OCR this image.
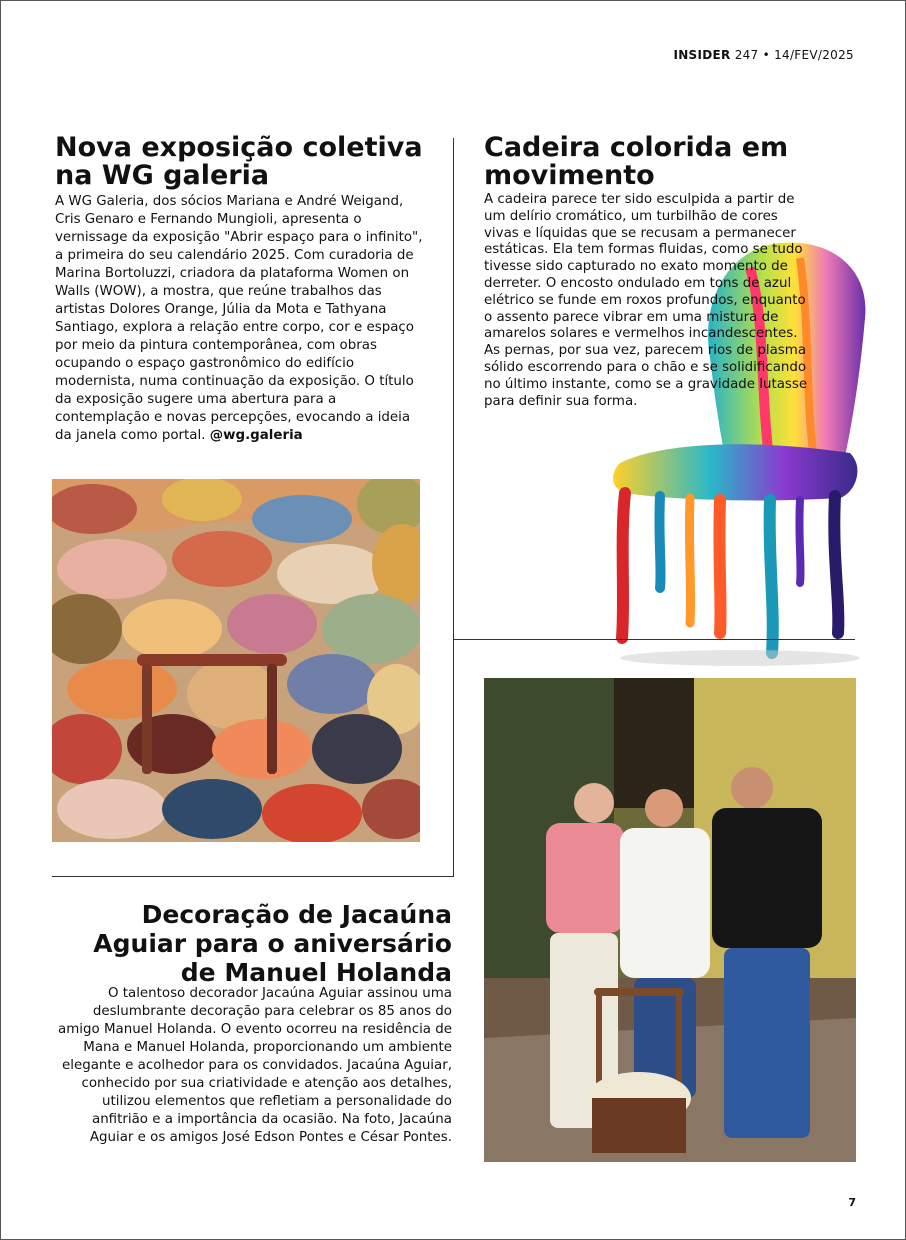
INSIDER 247 • 14/FEV/2025
Nova exposição coletiva na WG galeria
A WG Galeria, dos sócios Mariana e André Weigand, Cris Genaro e Fernando Mungioli, apresenta o vernissage da exposição "Abrir espaço para o infinito", a primeira do seu calendário 2025. Com curadoria de Marina Bortoluzzi, criadora da plataforma Women on Walls (WOW), a mostra, que reúne trabalhos das artistas Dolores Orange, Júlia da Mota e Tathyana Santiago, explora a relação entre corpo, cor e espaço por meio da pintura contemporânea, com obras ocupando o espaço gastronômico do edifício modernista, numa continuação da exposição. O título da exposição sugere uma abertura para a contemplação e novas percepções, evocando a ideia da janela como portal. @wg.galeria
Cadeira colorida em movimento
A cadeira parece ter sido esculpida a partir de um delírio cromático, um turbilhão de cores vivas e líquidas que se recusam a permanecer estáticas. Ela tem formas fluidas, como se tudo tivesse sido capturado no exato momento de derreter. O encosto ondulado em tons de azul elétrico se funde em roxos profundos, enquanto o assento parece vibrar em uma mistura de amarelos solares e vermelhos incandescentes. As pernas, por sua vez, parecem rios de plasma sólido escorrendo para o chão e se solidificando no último instante, como se a gravidade lutasse para definir sua forma.
Decoração de Jacaúna Aguiar para o aniversário de Manuel Holanda
O talentoso decorador Jacaúna Aguiar assinou uma deslumbrante decoração para celebrar os 85 anos do amigo Manuel Holanda. O evento ocorreu na residência de Mana e Manuel Holanda, proporcionando um ambiente elegante e acolhedor para os convidados. Jacaúna Aguiar, conhecido por sua criatividade e atenção aos detalhes, utilizou elementos que refletiam a personalidade do anfitrião e a importância da ocasião. Na foto, Jacaúna Aguiar e os amigos José Edson Pontes e César Pontes.
7
